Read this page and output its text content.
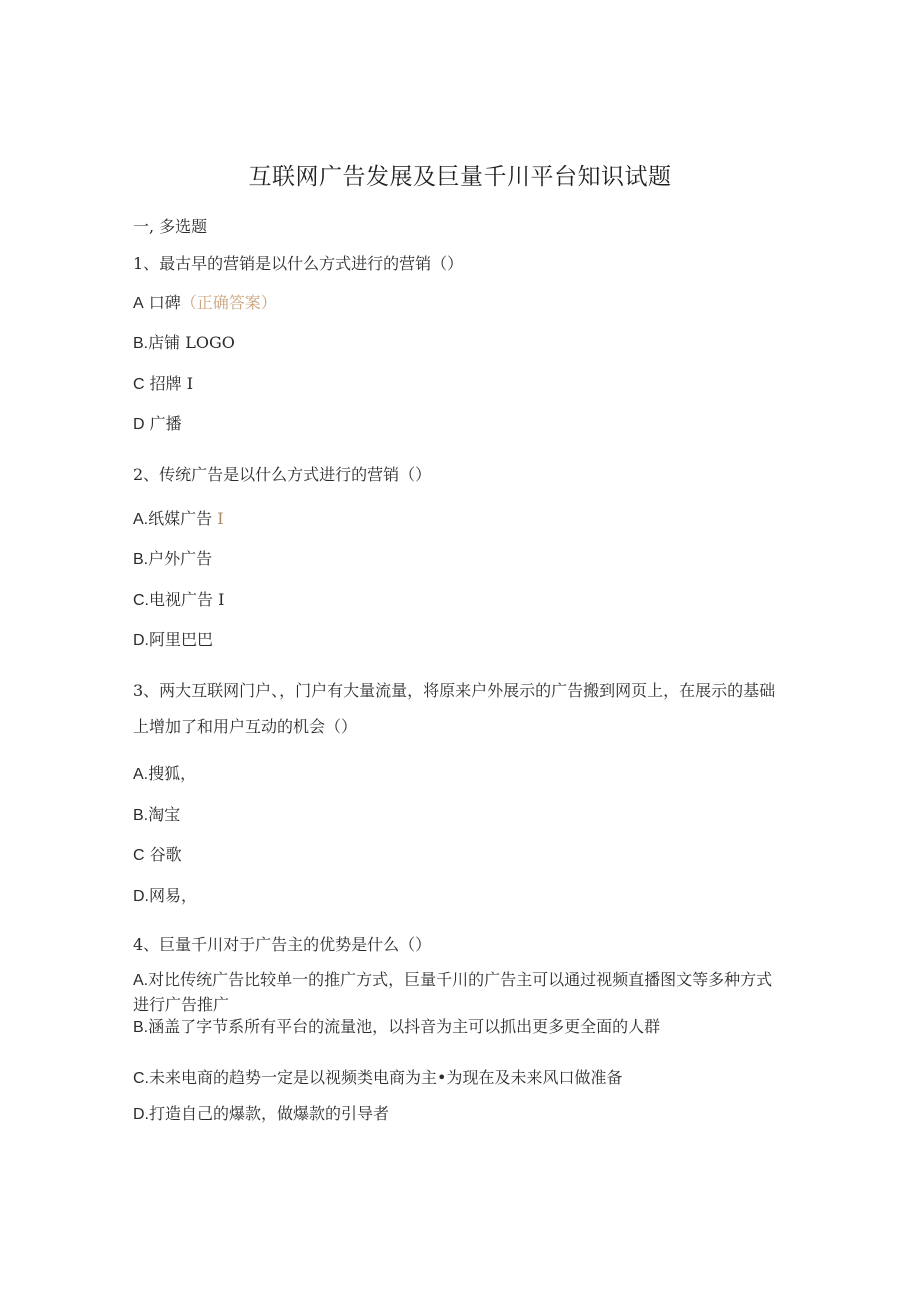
互联网广告发展及巨量千川平台知识试题
一, 多选题
1、最古早的营销是以什么方式进行的营销（）
A 口碑（正确答案）
B.店铺 LOGO
C 招牌 I
D 广播
2、传统广告是以什么方式进行的营销（）
A.纸媒广告 I
B.户外广告
C.电视广告 I
D.阿里巴巴
3、两大互联网门户、，门户有大量流量，将原来户外展示的广告搬到网页上，在展示的基础上增加了和用户互动的机会（）
A.搜狐，
B.淘宝
C 谷歌
D.网易，
4、巨量千川对于广告主的优势是什么（）
A.对比传统广告比较单一的推广方式，巨量千川的广告主可以通过视频直播图文等多种方式进行广告推广
B.涵盖了字节系所有平台的流量池，以抖音为主可以抓出更多更全面的人群
C.未来电商的趋势一定是以视频类电商为主•为现在及未来风口做准备
D.打造自己的爆款，做爆款的引导者
